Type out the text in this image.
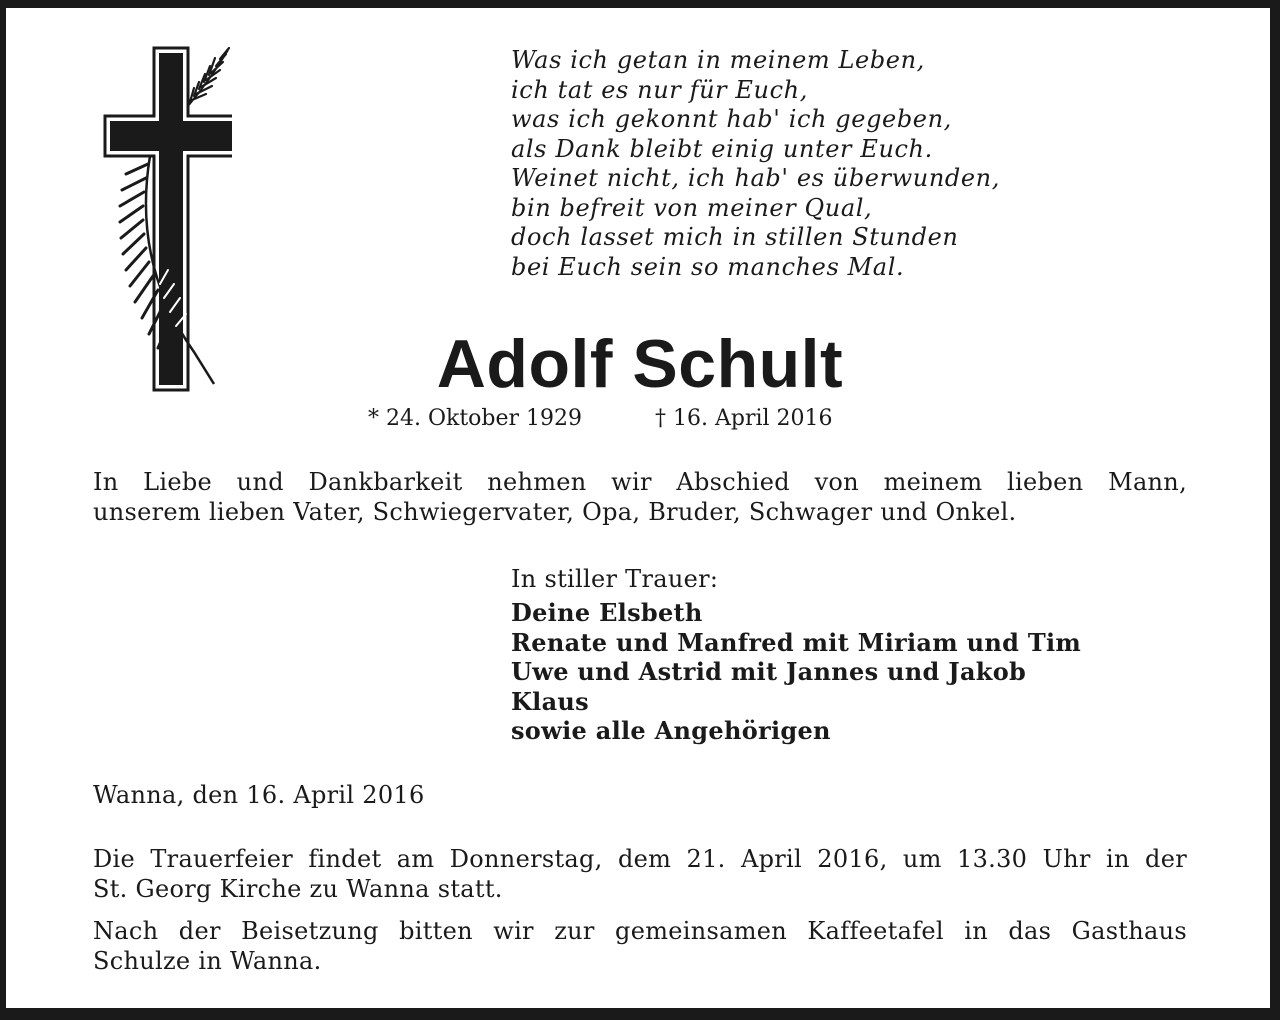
Was ich getan in meinem Leben,
ich tat es nur für Euch,
was ich gekonnt hab' ich gegeben,
als Dank bleibt einig unter Euch.
Weinet nicht, ich hab' es überwunden,
bin befreit von meiner Qual,
doch lasset mich in stillen Stunden
bei Euch sein so manches Mal.
Adolf Schult
* 24. Oktober 1929	† 16. April 2016
In Liebe und Dankbarkeit nehmen wir Abschied von meinem lieben Mann,
unserem lieben Vater, Schwiegervater, Opa, Bruder, Schwager und Onkel.
In stiller Trauer:
Deine Elsbeth
Renate und Manfred mit Miriam und Tim
Uwe und Astrid mit Jannes und Jakob
Klaus
sowie alle Angehörigen
Wanna, den 16. April 2016
Die Trauerfeier findet am Donnerstag, dem 21. April 2016, um 13.30 Uhr in der
St. Georg Kirche zu Wanna statt.
Nach der Beisetzung bitten wir zur gemeinsamen Kaffeetafel in das Gasthaus
Schulze in Wanna.
